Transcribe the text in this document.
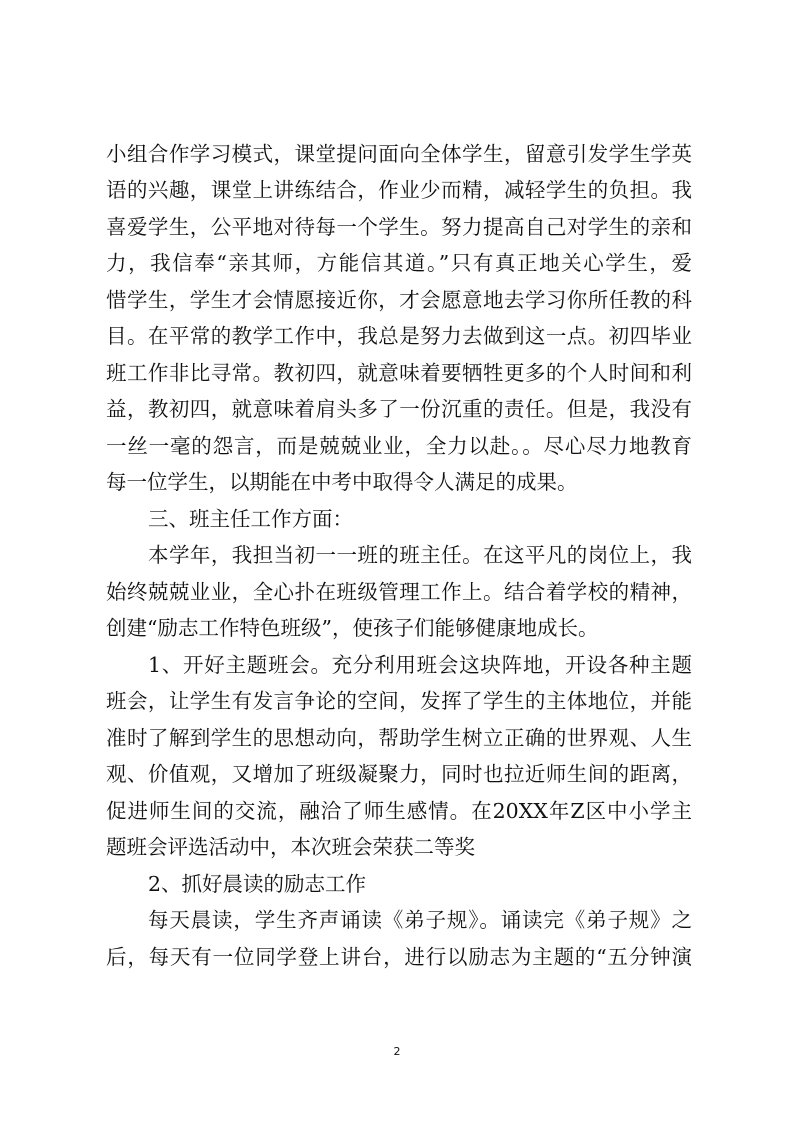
小组合作学习模式，课堂提问面向全体学生，留意引发学生学英
语的兴趣，课堂上讲练结合，作业少而精，减轻学生的负担。我
喜爱学生，公平地对待每一个学生。努力提高自己对学生的亲和
力，我信奉“亲其师，方能信其道。”只有真正地关心学生，爱
惜学生，学生才会情愿接近你，才会愿意地去学习你所任教的科
目。在平常的教学工作中，我总是努力去做到这一点。初四毕业
班工作非比寻常。教初四，就意味着要牺牲更多的个人时间和利
益，教初四，就意味着肩头多了一份沉重的责任。但是，我没有
一丝一毫的怨言，而是兢兢业业，全力以赴。。尽心尽力地教育
每一位学生，以期能在中考中取得令人满足的成果。
三、班主任工作方面：
本学年，我担当初一一班的班主任。在这平凡的岗位上，我
始终兢兢业业，全心扑在班级管理工作上。结合着学校的精神，
创建“励志工作特色班级”，使孩子们能够健康地成长。
1、开好主题班会。充分利用班会这块阵地，开设各种主题
班会，让学生有发言争论的空间，发挥了学生的主体地位，并能
准时了解到学生的思想动向，帮助学生树立正确的世界观、人生
观、价值观，又增加了班级凝聚力，同时也拉近师生间的距离，
促进师生间的交流，融洽了师生感情。在20XX年Z区中小学主
题班会评选活动中，本次班会荣获二等奖
2、抓好晨读的励志工作
每天晨读，学生齐声诵读《弟子规》。诵读完《弟子规》之
后，每天有一位同学登上讲台，进行以励志为主题的“五分钟演
2
